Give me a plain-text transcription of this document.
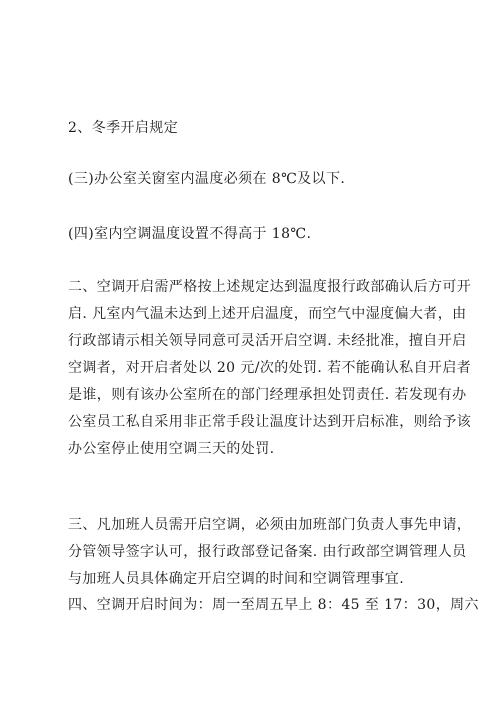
2、冬季开启规定

(三)办公室关窗室内温度必须在 8℃及以下.

(四)室内空调温度设置不得高于 18℃.

二、空调开启需严格按上述规定达到温度报行政部确认后方可开
启. 凡室内气温未达到上述开启温度，而空气中湿度偏大者，由
行政部请示相关领导同意可灵活开启空调. 未经批准，擅自开启
空调者，对开启者处以 20 元/次的处罚. 若不能确认私自开启者
是谁，则有该办公室所在的部门经理承担处罚责任. 若发现有办
公室员工私自采用非正常手段让温度计达到开启标准，则给予该
办公室停止使用空调三天的处罚.

三、凡加班人员需开启空调，必须由加班部门负责人事先申请，
分管领导签字认可，报行政部登记备案. 由行政部空调管理人员
与加班人员具体确定开启空调的时间和空调管理事宜.

四、空调开启时间为：周一至周五早上 8：45 至 17：30，周六
